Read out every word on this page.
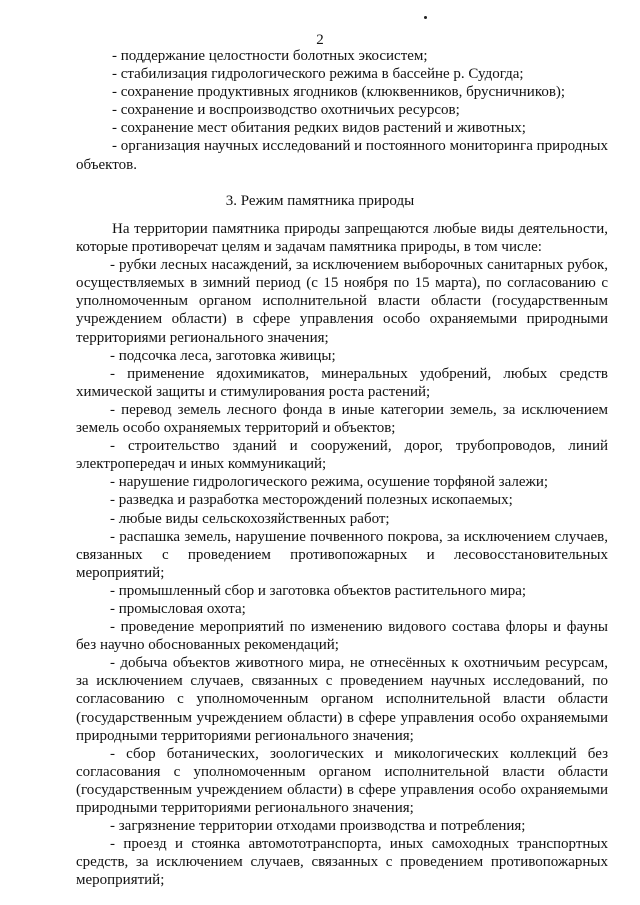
2

- поддержание целостности болотных экосистем;

- стабилизация гидрологического режима в бассейне р. Судогда;

- сохранение продуктивных ягодников (клюквенников, брусничников);

- сохранение и воспроизводство охотничьих ресурсов;

- сохранение мест обитания редких видов растений и животных;

- организация научных исследований и постоянного мониторинга природных объектов.

3. Режим памятника природы

На территории памятника природы запрещаются любые виды деятельности, которые противоречат целям и задачам памятника природы, в том числе:

- рубки лесных насаждений, за исключением выборочных санитарных рубок, осуществляемых в зимний период (с 15 ноября по 15 марта), по согласованию с уполномоченным органом исполнительной власти области (государственным учреждением области) в сфере управления особо охраняемыми природными территориями регионального значения;

- подсочка леса, заготовка живицы;

- применение ядохимикатов, минеральных удобрений, любых средств химической защиты и стимулирования роста растений;

- перевод земель лесного фонда в иные категории земель, за исключением земель особо охраняемых территорий и объектов;

- строительство зданий и сооружений, дорог, трубопроводов, линий электропередач и иных коммуникаций;

- нарушение гидрологического режима, осушение торфяной залежи;

- разведка и разработка месторождений полезных ископаемых;

- любые виды сельскохозяйственных работ;

- распашка земель, нарушение почвенного покрова, за исключением случаев, связанных с проведением противопожарных и лесовосстановительных мероприятий;

- промышленный сбор и заготовка объектов растительного мира;

- промысловая охота;

- проведение мероприятий по изменению видового состава флоры и фауны без научно обоснованных рекомендаций;

- добыча объектов животного мира, не отнесённых к охотничьим ресурсам, за исключением случаев, связанных с проведением научных исследований, по согласованию с уполномоченным органом исполнительной власти области (государственным учреждением области) в сфере управления особо охраняемыми природными территориями регионального значения;

- сбор ботанических, зоологических и микологических коллекций без согласования с уполномоченным органом исполнительной власти области (государственным учреждением области) в сфере управления особо охраняемыми природными территориями регионального значения;

- загрязнение территории отходами производства и потребления;

- проезд и стоянка автомототранспорта, иных самоходных транспортных средств, за исключением случаев, связанных с проведением противопожарных мероприятий;
